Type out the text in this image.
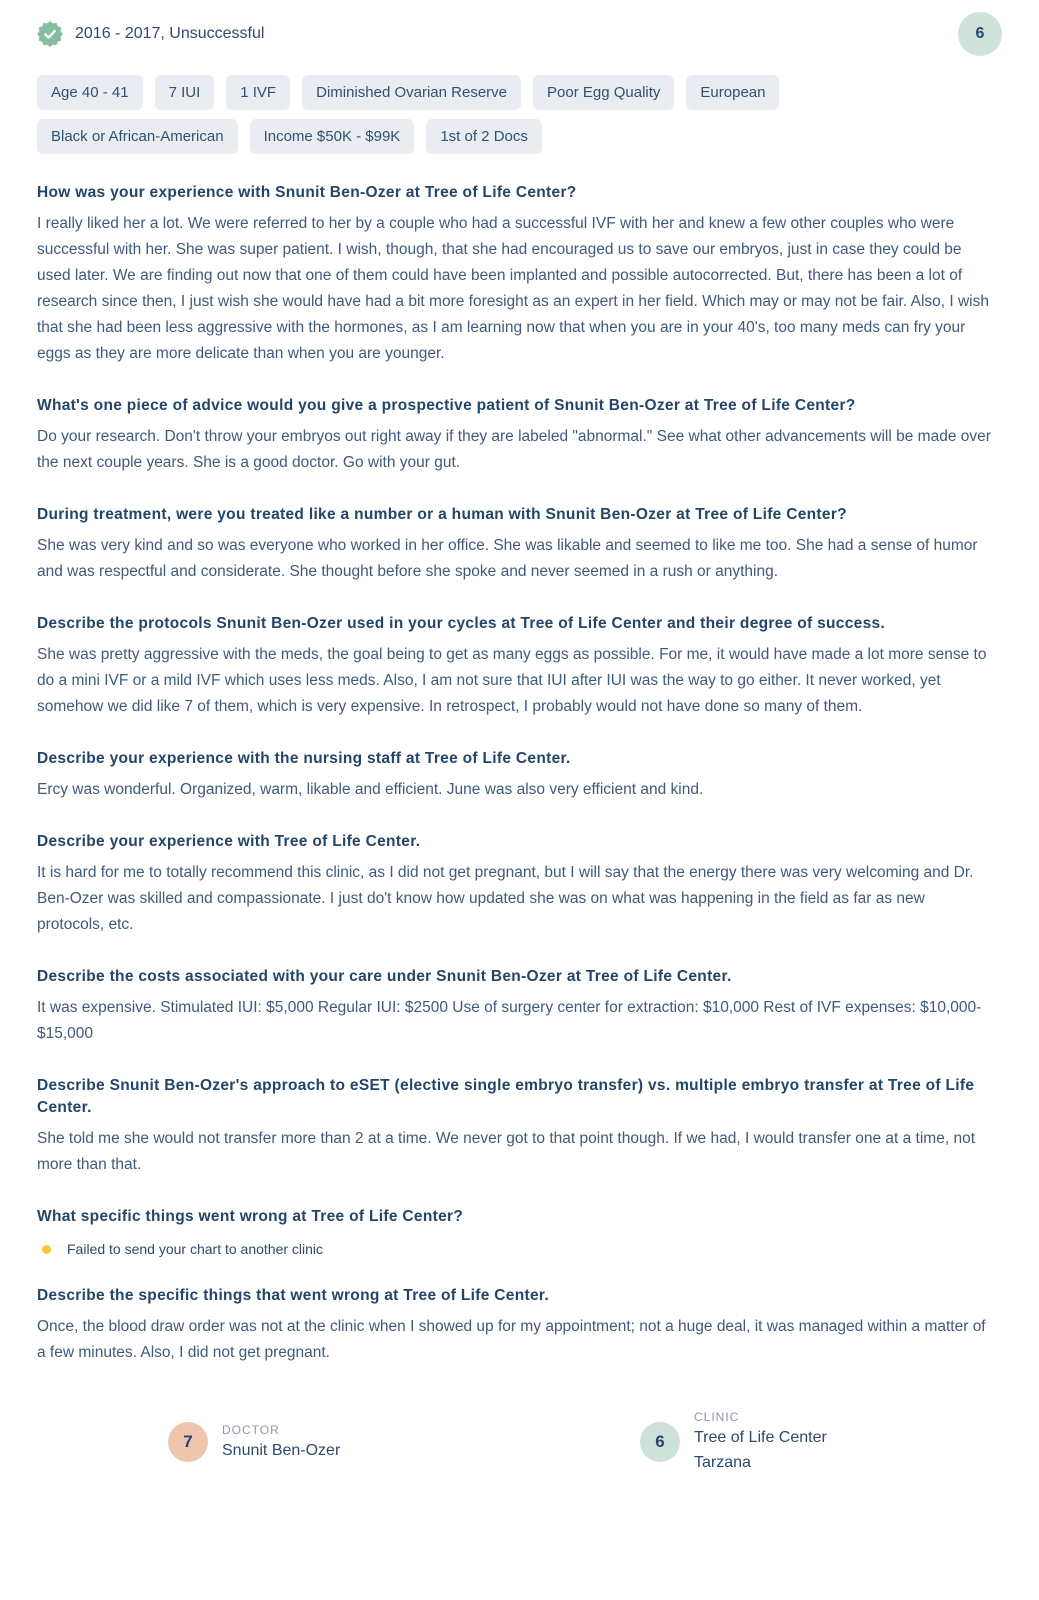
2016 - 2017, Unsuccessful	6
Age 40 - 41	7 IUI	1 IVF	Diminished Ovarian Reserve	Poor Egg Quality	European
Black or African-American	Income $50K - $99K	1st of 2 Docs
How was your experience with Snunit Ben-Ozer at Tree of Life Center?

I really liked her a lot. We were referred to her by a couple who had a successful IVF with her and knew a few other couples who were successful with her. She was super patient. I wish, though, that she had encouraged us to save our embryos, just in case they could be used later. We are finding out now that one of them could have been implanted and possible autocorrected. But, there has been a lot of research since then, I just wish she would have had a bit more foresight as an expert in her field. Which may or may not be fair. Also, I wish that she had been less aggressive with the hormones, as I am learning now that when you are in your 40's, too many meds can fry your eggs as they are more delicate than when you are younger.

What's one piece of advice would you give a prospective patient of Snunit Ben-Ozer at Tree of Life Center?

Do your research. Don't throw your embryos out right away if they are labeled "abnormal." See what other advancements will be made over the next couple years. She is a good doctor. Go with your gut.

During treatment, were you treated like a number or a human with Snunit Ben-Ozer at Tree of Life Center?

She was very kind and so was everyone who worked in her office. She was likable and seemed to like me too. She had a sense of humor and was respectful and considerate. She thought before she spoke and never seemed in a rush or anything.

Describe the protocols Snunit Ben-Ozer used in your cycles at Tree of Life Center and their degree of success.

She was pretty aggressive with the meds, the goal being to get as many eggs as possible. For me, it would have made a lot more sense to do a mini IVF or a mild IVF which uses less meds. Also, I am not sure that IUI after IUI was the way to go either. It never worked, yet somehow we did like 7 of them, which is very expensive. In retrospect, I probably would not have done so many of them.

Describe your experience with the nursing staff at Tree of Life Center.

Ercy was wonderful. Organized, warm, likable and efficient. June was also very efficient and kind.

Describe your experience with Tree of Life Center.

It is hard for me to totally recommend this clinic, as I did not get pregnant, but I will say that the energy there was very welcoming and Dr. Ben-Ozer was skilled and compassionate. I just do't know how updated she was on what was happening in the field as far as new protocols, etc.

Describe the costs associated with your care under Snunit Ben-Ozer at Tree of Life Center.

It was expensive. Stimulated IUI: $5,000 Regular IUI: $2500 Use of surgery center for extraction: $10,000 Rest of IVF expenses: $10,000- $15,000

Describe Snunit Ben-Ozer's approach to eSET (elective single embryo transfer) vs. multiple embryo transfer at Tree of Life Center.

She told me she would not transfer more than 2 at a time. We never got to that point though. If we had, I would transfer one at a time, not more than that.

What specific things went wrong at Tree of Life Center?
Failed to send your chart to another clinic
Describe the specific things that went wrong at Tree of Life Center.

Once, the blood draw order was not at the clinic when I showed up for my appointment; not a huge deal, it was managed within a matter of a few minutes. Also, I did not get pregnant.

7
DOCTOR
Snunit Ben-Ozer	6
CLINIC
Tree of Life Center
Tarzana
